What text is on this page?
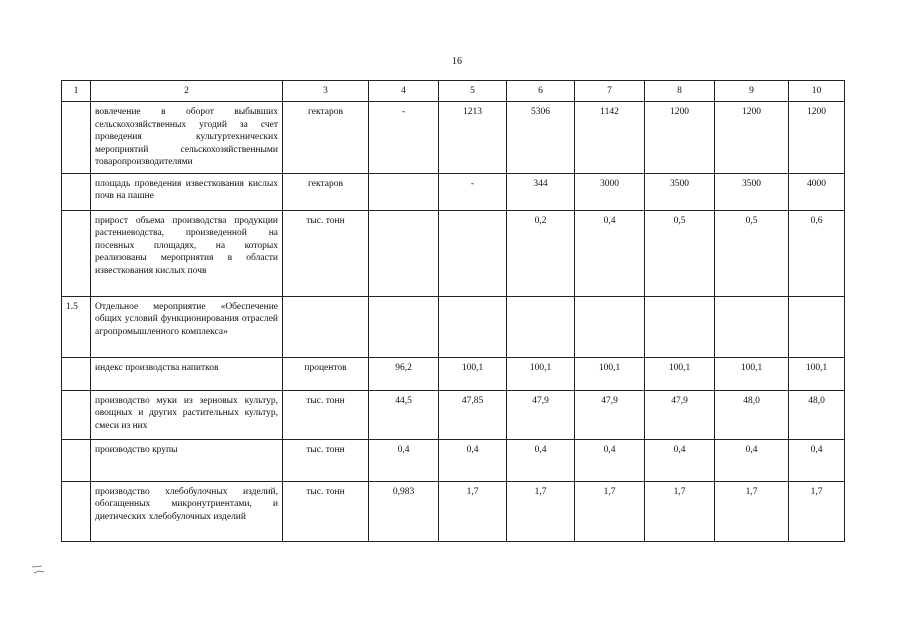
16
1	2	3	4	5	6	7	8	9	10
	вовлечение в оборот выбывших сельскохозяйственных угодий за счет проведения культуртехнических мероприятий сельскохозяйственными товаропроизводителями	гектаров	-	1213	5306	1142	1200	1200	1200
	площадь проведения известкования кислых почв на пашне	гектаров		-	344	3000	3500	3500	4000
	прирост объема производства продукции растениеводства, произведенной на посевных площадях, на которых реализованы мероприятия в области известкования кислых почв	тыс. тонн			0,2	0,4	0,5	0,5	0,6
1.5	Отдельное мероприятие «Обеспечение общих условий функционирования отраслей агропромышленного комплекса»								
	индекс производства напитков	процентов	96,2	100,1	100,1	100,1	100,1	100,1	100,1
	производство муки из зерновых культур, овощных и других растительных культур, смеси из них	тыс. тонн	44,5	47,85	47,9	47,9	47,9	48,0	48,0
	производство крупы	тыс. тонн	0,4	0,4	0,4	0,4	0,4	0,4	0,4
	производство хлебобулочных изделий, обогащенных микронутриентами, и диетических хлебобулочных изделий	тыс. тонн	0,983	1,7	1,7	1,7	1,7	1,7	1,7
